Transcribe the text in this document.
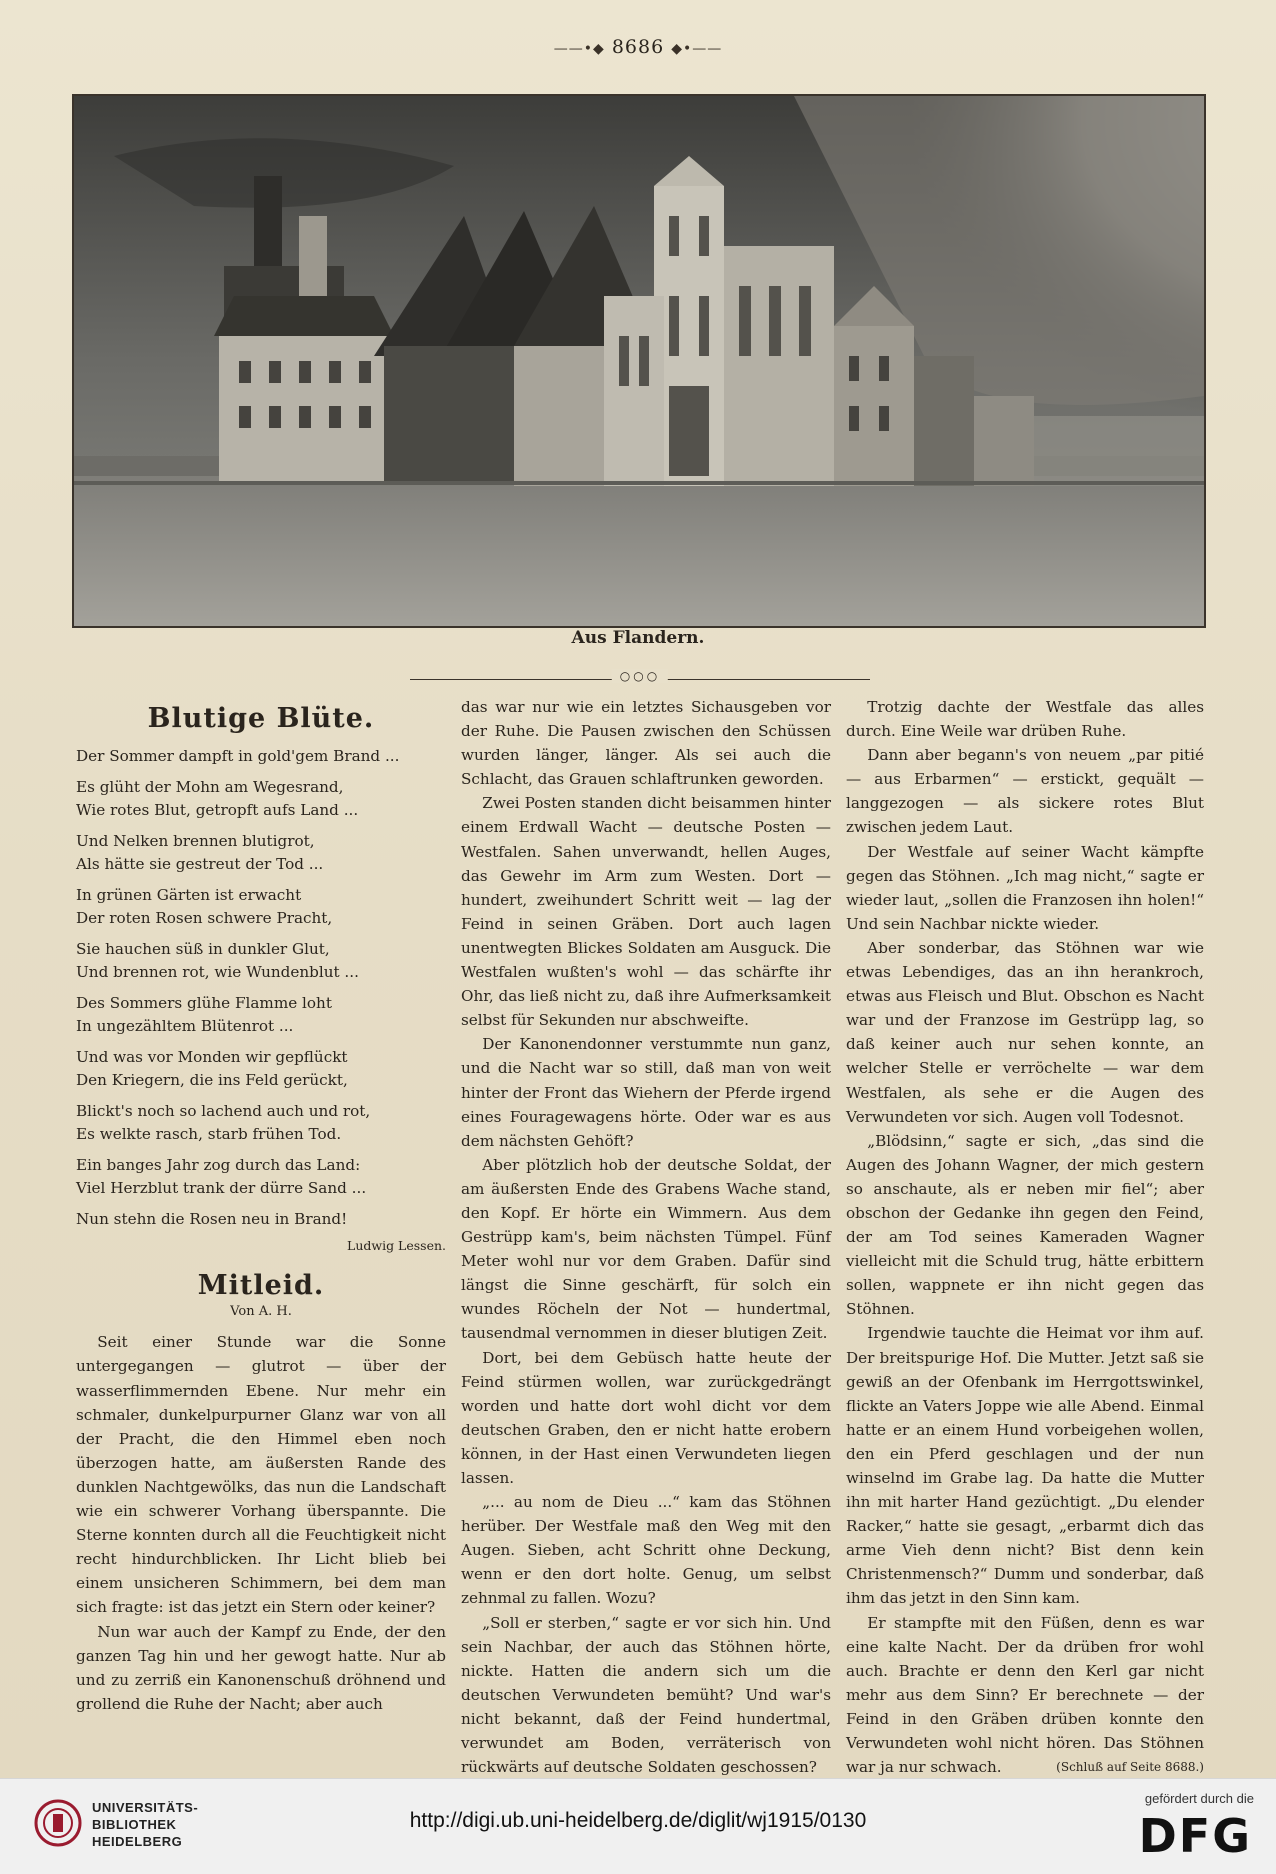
——•◆ 8686 ◆•——
Aus Flandern.
○○○
Blutige Blüte.
Der Sommer dampft in gold'gem Brand ...
Es glüht der Mohn am Wegesrand,
Wie rotes Blut, getropft aufs Land ...
Und Nelken brennen blutigrot,
Als hätte sie gestreut der Tod ...
In grünen Gärten ist erwacht
Der roten Rosen schwere Pracht,
Sie hauchen süß in dunkler Glut,
Und brennen rot, wie Wundenblut ...
Des Sommers glühe Flamme loht
In ungezähltem Blütenrot ...
Und was vor Monden wir gepflückt
Den Kriegern, die ins Feld gerückt,
Blickt's noch so lachend auch und rot,
Es welkte rasch, starb frühen Tod.
Ein banges Jahr zog durch das Land:
Viel Herzblut trank der dürre Sand ...
Nun stehn die Rosen neu in Brand!
Ludwig Lessen.
Mitleid.
Von A. H.

Seit einer Stunde war die Sonne untergegangen — glutrot — über der wasserflimmernden Ebene. Nur mehr ein schmaler, dunkelpurpurner Glanz war von all der Pracht, die den Himmel eben noch überzogen hatte, am äußersten Rande des dunklen Nachtgewölks, das nun die Landschaft wie ein schwerer Vorhang überspannte. Die Sterne konnten durch all die Feuchtigkeit nicht recht hindurchblicken. Ihr Licht blieb bei einem unsicheren Schimmern, bei dem man sich fragte: ist das jetzt ein Stern oder keiner?

Nun war auch der Kampf zu Ende, der den ganzen Tag hin und her gewogt hatte. Nur ab und zu zerriß ein Kanonenschuß dröhnend und grollend die Ruhe der Nacht; aber auch

das war nur wie ein letztes Sichausgeben vor der Ruhe. Die Pausen zwischen den Schüssen wurden länger, länger. Als sei auch die Schlacht, das Grauen schlaftrunken geworden.

Zwei Posten standen dicht beisammen hinter einem Erdwall Wacht — deutsche Posten — Westfalen. Sahen unverwandt, hellen Auges, das Gewehr im Arm zum Westen. Dort — hundert, zweihundert Schritt weit — lag der Feind in seinen Gräben. Dort auch lagen unentwegten Blickes Soldaten am Ausguck. Die Westfalen wußten's wohl — das schärfte ihr Ohr, das ließ nicht zu, daß ihre Aufmerksamkeit selbst für Sekunden nur abschweifte.

Der Kanonendonner verstummte nun ganz, und die Nacht war so still, daß man von weit hinter der Front das Wiehern der Pferde irgend eines Fouragewagens hörte. Oder war es aus dem nächsten Gehöft?

Aber plötzlich hob der deutsche Soldat, der am äußersten Ende des Grabens Wache stand, den Kopf. Er hörte ein Wimmern. Aus dem Gestrüpp kam's, beim nächsten Tümpel. Fünf Meter wohl nur vor dem Graben. Dafür sind längst die Sinne geschärft, für solch ein wundes Röcheln der Not — hundertmal, tausendmal vernommen in dieser blutigen Zeit.

Dort, bei dem Gebüsch hatte heute der Feind stürmen wollen, war zurückgedrängt worden und hatte dort wohl dicht vor dem deutschen Graben, den er nicht hatte erobern können, in der Hast einen Verwundeten liegen lassen.

„... au nom de Dieu ...“ kam das Stöhnen herüber. Der Westfale maß den Weg mit den Augen. Sieben, acht Schritt ohne Deckung, wenn er den dort holte. Genug, um selbst zehnmal zu fallen. Wozu?

„Soll er sterben,“ sagte er vor sich hin. Und sein Nachbar, der auch das Stöhnen hörte, nickte. Hatten die andern sich um die deutschen Verwundeten bemüht? Und war's nicht bekannt, daß der Feind hundertmal, verwundet am Boden, verräterisch von rückwärts auf deutsche Soldaten geschossen?

Trotzig dachte der Westfale das alles durch. Eine Weile war drüben Ruhe.

Dann aber begann's von neuem „par pitié — aus Erbarmen“ — erstickt, gequält — langgezogen — als sickere rotes Blut zwischen jedem Laut.

Der Westfale auf seiner Wacht kämpfte gegen das Stöhnen. „Ich mag nicht,“ sagte er wieder laut, „sollen die Franzosen ihn holen!“ Und sein Nachbar nickte wieder.

Aber sonderbar, das Stöhnen war wie etwas Lebendiges, das an ihn herankroch, etwas aus Fleisch und Blut. Obschon es Nacht war und der Franzose im Gestrüpp lag, so daß keiner auch nur sehen konnte, an welcher Stelle er verröchelte — war dem Westfalen, als sehe er die Augen des Verwundeten vor sich. Augen voll Todesnot.

„Blödsinn,“ sagte er sich, „das sind die Augen des Johann Wagner, der mich gestern so anschaute, als er neben mir fiel“; aber obschon der Gedanke ihn gegen den Feind, der am Tod seines Kameraden Wagner vielleicht mit die Schuld trug, hätte erbittern sollen, wappnete er ihn nicht gegen das Stöhnen.

Irgendwie tauchte die Heimat vor ihm auf. Der breitspurige Hof. Die Mutter. Jetzt saß sie gewiß an der Ofenbank im Herrgottswinkel, flickte an Vaters Joppe wie alle Abend. Einmal hatte er an einem Hund vorbeigehen wollen, den ein Pferd geschlagen und der nun winselnd im Grabe lag. Da hatte die Mutter ihn mit harter Hand gezüchtigt. „Du elender Racker,“ hatte sie gesagt, „erbarmt dich das arme Vieh denn nicht? Bist denn kein Christenmensch?“ Dumm und sonderbar, daß ihm das jetzt in den Sinn kam.

Er stampfte mit den Füßen, denn es war eine kalte Nacht. Der da drüben fror wohl auch. Brachte er denn den Kerl gar nicht mehr aus dem Sinn? Er berechnete — der Feind in den Gräben drüben konnte den Verwundeten wohl nicht hören. Das Stöhnen war ja nur schwach.	(Schluß auf Seite 8688.)

UNIVERSITÄTS-
BIBLIOTHEK
HEIDELBERG
http://digi.ub.uni-heidelberg.de/diglit/wj1915/0130
gefördert durch die
DFG
